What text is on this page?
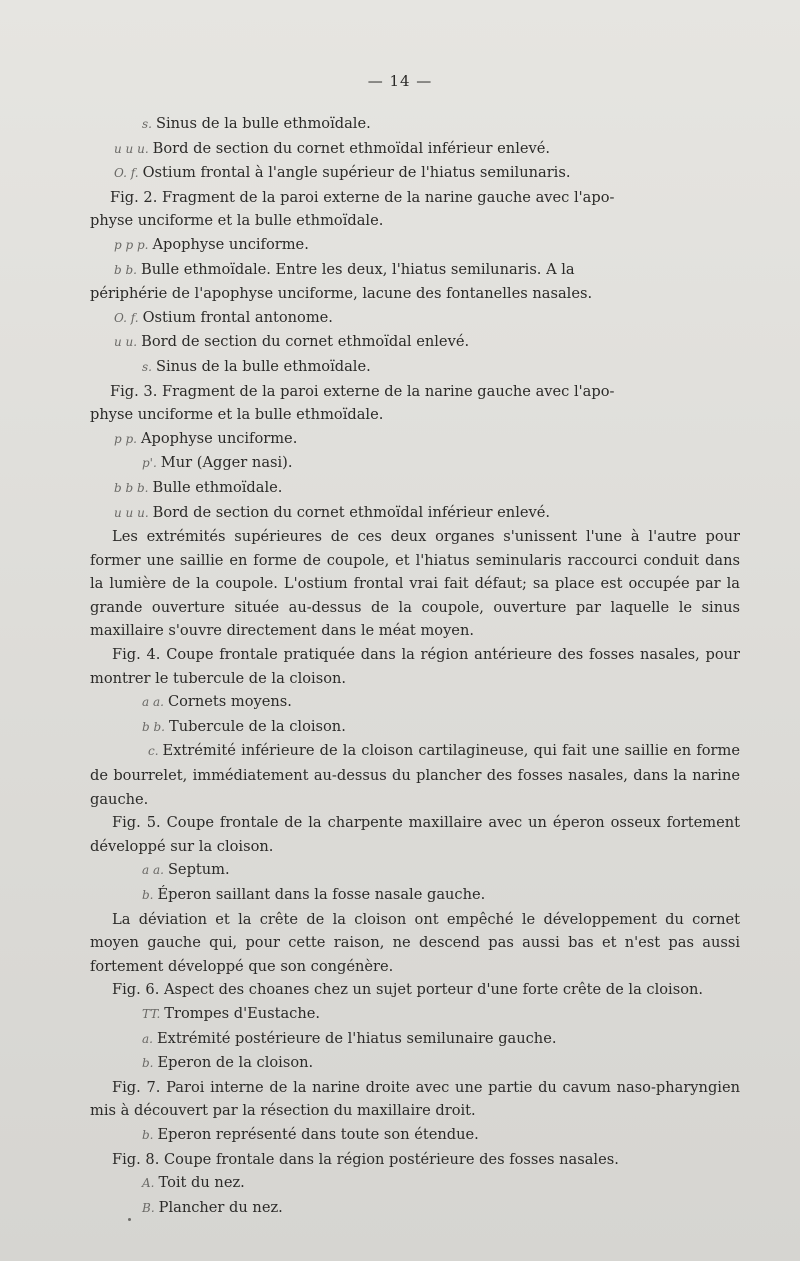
— 14 —
s. Sinus de la bulle ethmoïdale.
u u u. Bord de section du cornet ethmoïdal inférieur enlevé.
O. f. Ostium frontal à l'angle supérieur de l'hiatus semilunaris.
Fig. 2. Fragment de la paroi externe de la narine gauche avec l'apo-
physe unciforme et la bulle ethmoïdale.
p p p. Apophyse unciforme.
b b. Bulle ethmoïdale. Entre les deux, l'hiatus semilunaris. A la
périphérie de l'apophyse unciforme, lacune des fontanelles nasales.
O. f. Ostium frontal antonome.
u u. Bord de section du cornet ethmoïdal enlevé.
s. Sinus de la bulle ethmoïdale.
Fig. 3. Fragment de la paroi externe de la narine gauche avec l'apo-
physe unciforme et la bulle ethmoïdale.
p p. Apophyse unciforme.
p'. Mur (Agger nasi).
b b b. Bulle ethmoïdale.
u u u. Bord de section du cornet ethmoïdal inférieur enlevé.
Les extrémités supérieures de ces deux organes s'unissent l'une à l'autre pour former une saillie en forme de coupole, et l'hiatus seminularis raccourci conduit dans la lumière de la coupole. L'ostium frontal vrai fait défaut; sa place est occupée par la grande ouverture située au-dessus de la coupole, ouverture par laquelle le sinus maxillaire s'ouvre directement dans le méat moyen.
Fig. 4. Coupe frontale pratiquée dans la région antérieure des fosses nasales, pour montrer le tubercule de la cloison.
a a. Cornets moyens.
b b. Tubercule de la cloison.
c. Extrémité inférieure de la cloison cartilagineuse, qui fait une saillie en forme de bourrelet, immédiatement au-dessus du plancher des fosses nasales, dans la narine gauche.
Fig. 5. Coupe frontale de la charpente maxillaire avec un éperon osseux fortement développé sur la cloison.
a a. Septum.
b. Éperon saillant dans la fosse nasale gauche.
La déviation et la crête de la cloison ont empêché le développement du cornet moyen gauche qui, pour cette raison, ne descend pas aussi bas et n'est pas aussi fortement développé que son congénère.
Fig. 6. Aspect des choanes chez un sujet porteur d'une forte crête de la cloison.
TT. Trompes d'Eustache.
a. Extrémité postérieure de l'hiatus semilunaire gauche.
b. Eperon de la cloison.
Fig. 7. Paroi interne de la narine droite avec une partie du cavum naso-pharyngien mis à découvert par la résection du maxillaire droit.
b. Eperon représenté dans toute son étendue.
Fig. 8. Coupe frontale dans la région postérieure des fosses nasales.
A. Toit du nez.
B. Plancher du nez.
